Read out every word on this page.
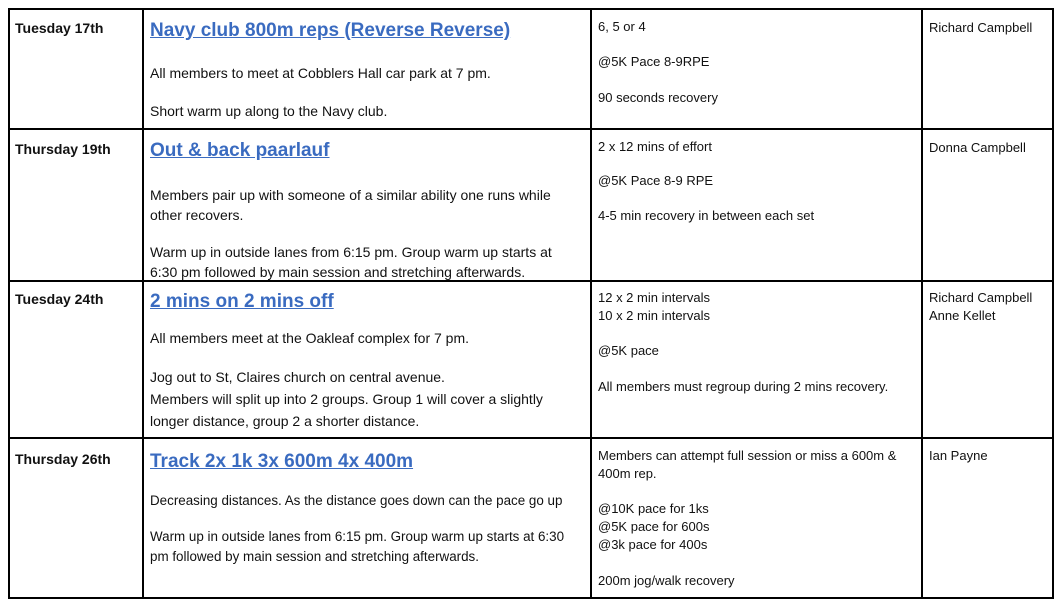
Tuesday 17th Navy club 800m reps (Reverse Reverse)
All members to meet at Cobblers Hall car park at 7 pm.
Short warm up along to the Navy club.
6, 5 or 4
@5K Pace 8-9RPE
90 seconds recovery
Richard Campbell
Thursday 19th Out & back paarlauf
Members pair up with someone of a similar ability one runs while other recovers.
Warm up in outside lanes from 6:15 pm. Group warm up starts at 6:30 pm followed by main session and stretching afterwards.
2 x 12 mins of effort
@5K Pace 8-9 RPE
4-5 min recovery in between each set
Donna Campbell
Tuesday 24th 2 mins on 2 mins off
All members meet at the Oakleaf complex for 7 pm.
Jog out to St, Claires church on central avenue.
Members will split up into 2 groups. Group 1 will cover a slightly longer distance, group 2 a shorter distance.
12 x 2 min intervals
10 x 2 min intervals
@5K pace
All members must regroup during 2 mins recovery.
Richard Campbell
Anne Kellet
Thursday 26th Track 2x 1k 3x 600m 4x 400m
Decreasing distances. As the distance goes down can the pace go up
Warm up in outside lanes from 6:15 pm. Group warm up starts at 6:30 pm followed by main session and stretching afterwards.
Members can attempt full session or miss a 600m & 400m rep.
@10K pace for 1ks
@5K pace for 600s
@3k pace for 400s
200m jog/walk recovery
Ian Payne
